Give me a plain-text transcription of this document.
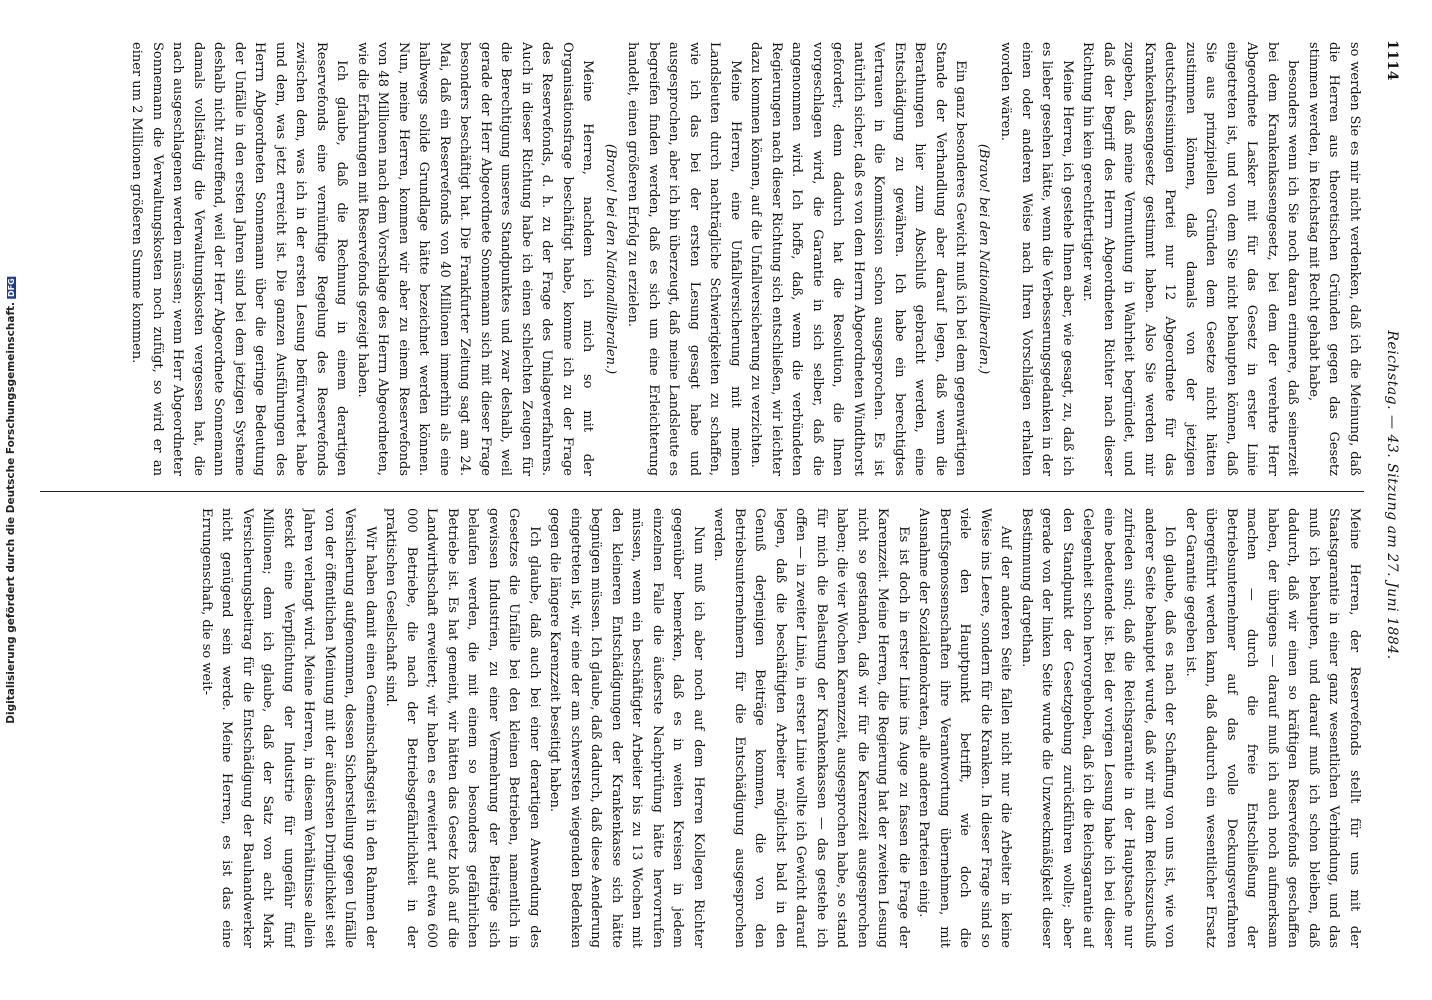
Digitalisierung gefördert durch die Deutsche Forschungsgemeinschaft.DFG
1114
Reichstag. — 43. Sitzung am 27. Juni 1884.

so werden Sie es mir nicht verdenken, daß ich die Meinung, daß die Herren aus theoretischen Gründen gegen das Gesetz stimmen werden, in Reichstag mit Recht gehabt habe,

besonders wenn ich Sie noch daran erinnere, daß seinerzeit bei dem Krankenkassengesetz, bei dem der verehrte Herr Abgeordnete Lasker mit für das Gesetz in erster Linie eingetreten ist, und von dem Sie nicht behaupten können, daß Sie aus prinzipiellen Gründen dem Gesetze nicht hätten zustimmen können, daß damals von der jetzigen deutschfreisinnigen Partei nur 12 Abgeordnete für das Krankenkassengesetz gestimmt haben. Also Sie werden mir zugeben, daß meine Vermuthung in Wahrheit begründet, und daß der Begriff des Herrn Abgeordneten Richter nach dieser Richtung hin kein gerechtfertigter war.

Meine Herren, ich gestehe Ihnen aber, wie gesagt, zu, daß ich es lieber gesehen hätte, wenn die Verbesserungsgedanken in der einen oder anderen Weise nach Ihren Vorschlägen erhalten worden wären.

(Bravo! bei den Nationalliberalen.)

Ein ganz besonderes Gewicht muß ich bei dem gegenwärtigen Stande der Verhandlung aber darauf legen, daß wenn die Berathungen hier zum Abschluß gebracht werden, eine Entschädigung zu gewähren. Ich habe ein berechtigtes Vertrauen in die Kommission schon ausgesprochen. Es ist natürlich sicher, daß es von dem Herrn Abgeordneten Windthorst gefordert; denn dadurch hat die Resolution, die Ihnen vorgeschlagen wird, die Garantie in sich selber, daß die angenommen wird. Ich hoffe, daß, wenn die verbündeten Regierungen nach dieser Richtung sich entschließen, wir leichter dazu kommen können, auf die Unfallversicherung zu verzichten.

Meine Herren, eine Unfallversicherung mit meinen Landsleuten durch nachträgliche Schwierigkeiten zu schaffen, wie ich das bei der ersten Lesung gesagt habe und ausgesprochen, aber ich bin überzeugt, daß meine Landsleute es begreifen finden werden, daß es sich um eine Erleichterung handelt, einen größeren Erfolg zu erzielen.

(Bravo! bei den Nationalliberalen.)

Meine Herren, nachdem ich mich so mit der Organisationsfrage beschäftigt habe, komme ich zu der Frage des Reservefonds, d. h. zu der Frage des Umlageverfahrens. Auch in dieser Richtung habe ich einen schlechten Zeugen für die Berechtigung unseres Standpunktes und zwar deshalb, weil gerade der Herr Abgeordnete Sonnemann sich mit dieser Frage besonders beschäftigt hat. Die Frankfurter Zeitung sagt am 24. Mai, daß ein Reservefonds von 40 Millionen immerhin als eine halbwegs solide Grundlage hätte bezeichnet werden können. Nun, meine Herren, kommen wir aber zu einem Reservefonds von 48 Millionen nach dem Vorschlage des Herrn Abgeordneten, wie die Erfahrungen mit Reservefonds gezeigt haben.

Ich glaube, daß die Rechnung in einem derartigen Reservefonds eine vernünftige Regelung des Reservefonds zwischen dem, was ich in der ersten Lesung befürwortet habe und dem, was jetzt erreicht ist. Die ganzen Ausführungen des Herrn Abgeordneten Sonnemann über die geringe Bedeutung der Unfälle in den ersten Jahren sind bei dem jetzigen Systeme deshalb nicht zutreffend, weil der Herr Abgeordnete Sonnemann damals vollständig die Verwaltungskosten vergessen hat, die nach ausgeschlagenen werden müssen; wenn Herr Abgeordneter Sonnemann die Verwaltungskosten noch zufügt, so wird er an einer um 2 Millionen größeren Summe kommen.

Meine Herren, der Reservefonds stellt für uns mit der Staatsgarantie in einer ganz wesentlichen Verbindung, und das muß ich behaupten, und darauf muß ich schon bleiben, daß dadurch, daß wir einen so kräftigen Reservefonds geschaffen haben, der übrigens — darauf muß ich auch noch aufmerksam machen — durch die freie Entschließung der Betriebsunternehmer auf das volle Deckungsverfahren übergeführt werden kann, daß dadurch ein wesentlicher Ersatz der Garantie gegeben ist.

Ich glaube, daß es nach der Schaffung von uns ist, wie von anderer Seite behauptet wurde, daß wir mit dem Reichszuschuß zufrieden sind; daß die Reichsgarantie in der Hauptsache nur eine bedeutende ist. Bei der vorigen Lesung habe ich bei dieser Gelegenheit schon hervorgehoben, daß ich die Reichsgarantie auf den Standpunkt der Gesetzgebung zurückführen wollte; aber gerade von der linken Seite wurde die Unzweckmäßigkeit dieser Bestimmung dargethan.

Auf der anderen Seite fallen nicht nur die Arbeiter in keine Weise ins Leere, sondern für die Kranken. In dieser Frage sind so viele den Hauptpunkt betrifft, wie doch die Berufsgenossenschaften ihre Verantwortung übernehmen, mit Ausnahme der Sozialdemokraten, alle anderen Parteien einig.

Es ist doch in erster Linie ins Auge zu fassen die Frage der Karenzzeit. Meine Herren, die Regierung hat der zweiten Lesung nicht so gestanden, daß wir für die Karenzzeit ausgesprochen haben; die vier Wochen Karenzzeit, ausgesprochen habe, so stand für mich die Belastung der Krankenkassen — das gestehe ich offen — in zweiter Linie, in erster Linie wollte ich Gewicht darauf legen, daß die beschäftigten Arbeiter möglichst bald in den Genuß derjenigen Beiträge kommen, die von den Betriebsunternehmern für die Entschädigung ausgesprochen werden.

Nun muß ich aber noch auf dem Herren Kollegen Richter gegenüber bemerken, daß es in weiten Kreisen in jedem einzelnen Falle die äußerste Nachprüfung hätte hervorrufen müssen, wenn ein beschäftigter Arbeiter bis zu 13 Wochen mit den kleineren Entschädigungen der Krankenkasse sich hätte begnügen müssen. Ich glaube, daß dadurch, daß diese Aenderung eingetreten ist, wir eine der am schwersten wiegenden Bedenken gegen die längere Karenzzeit beseitigt haben.

Ich glaube, daß auch bei einer derartigen Anwendung des Gesetzes die Unfälle bei den kleinen Betrieben, namentlich in gewissen Industrien, zu einer Vermehrung der Beiträge sich belaufen werden, die mit einem so besonders gefährlichen Betriebe ist. Es hat gemeint, wir hätten das Gesetz bloß auf die Landwirthschaft erweitert; wir haben es erweitert auf etwa 600 000 Betriebe, die nach der Betriebsgefährlichkeit in der praktischen Gesellschaft sind.

Wir haben damit einen Gemeinschaftsgeist in den Rahmen der Versicherung aufgenommen, dessen Sicherstellung gegen Unfälle von der öffentlichen Meinung mit der äußersten Dringlichkeit seit Jahren verlangt wird. Meine Herren, in diesem Verhältnisse allein steckt eine Verpflichtung der Industrie für ungefähr fünf Millionen; denn ich glaube, daß der Satz von acht Mark Versicherungsbeitrag für die Entschädigung der Bauhandwerker nicht genügend sein werde. Meine Herren, es ist das eine Errungenschaft, die so weit-
